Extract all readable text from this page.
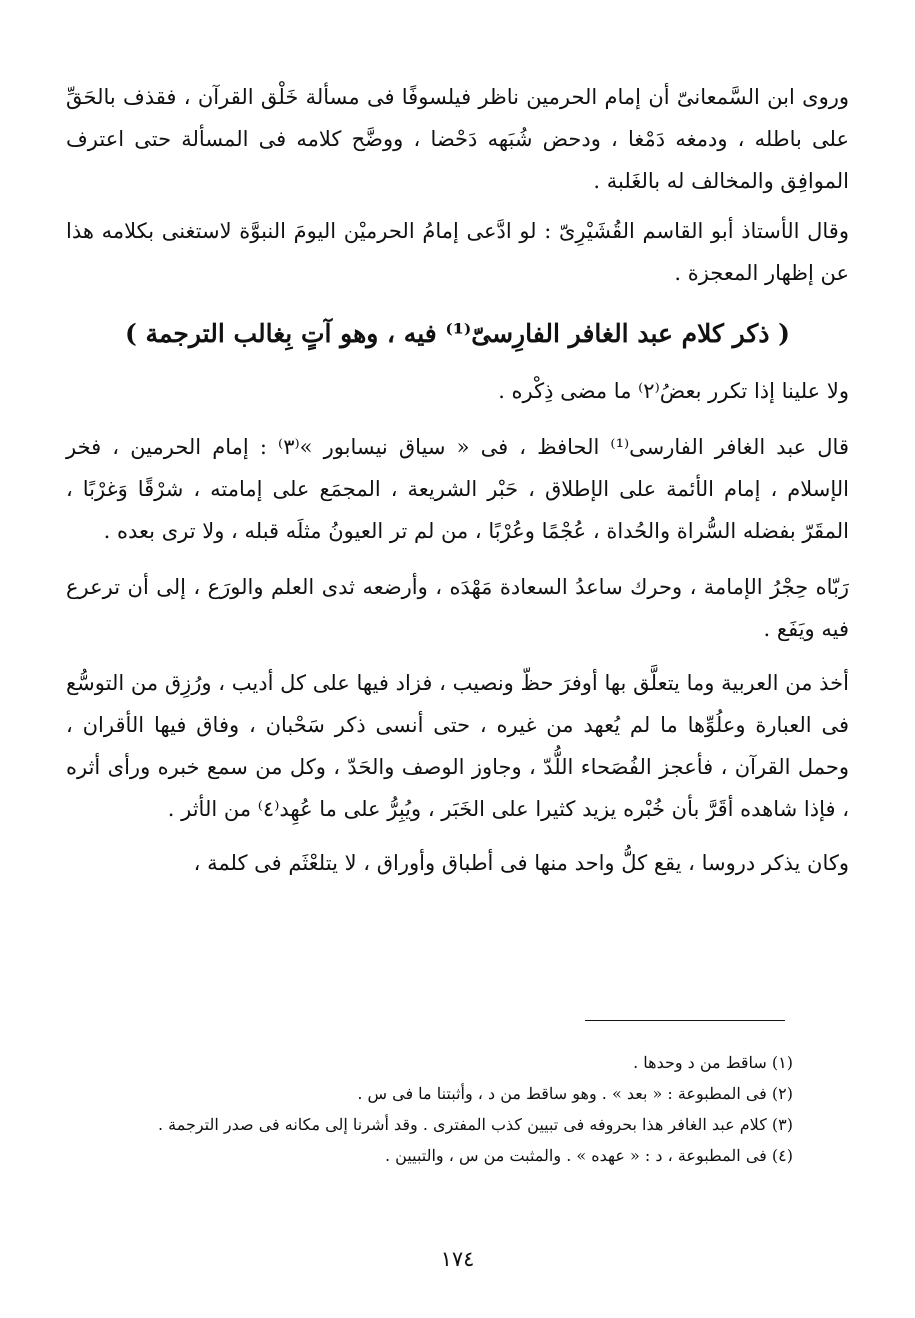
وروى ابن السَّمعانىّ أن إمام الحرمين ناظر فيلسوفًا فى مسألة خَلْق القرآن ، فقذف بالحَقِّ على باطله ، ودمغه دَمْغا ، ودحض شُبَهه دَحْضا ، ووضَّح كلامه فى المسألة حتى اعترف الموافِق والمخالف له بالغَلبة .

وقال الأستاذ أبو القاسم القُشَيْرِىّ : لو ادَّعى إمامُ الحرميْن اليومَ النبوَّة لاستغنى بكلامه هذا عن إظهار المعجزة .

( ذكر كلام عبد الغافر الفارِسىّ⁽¹⁾ فيه ، وهو آتٍ بِغالب الترجمة )

ولا علينا إذا تكرر بعضُ⁽٢⁾ ما مضى ذِكْره .

قال عبد الغافر الفارسى⁽¹⁾ الحافظ ، فى « سياق نيسابور »⁽٣⁾ : إمام الحرمين ، فخر الإسلام ، إمام الأئمة على الإطلاق ، حَبْر الشريعة ، المجمَع على إمامته ، شرْقًا وَغرْبًا ، المقَرّ بفضله السُّراة والحُداة ، عُجْمًا وعُرْبًا ، من لم تر العيونُ مثلَه قبله ، ولا ترى بعده .

رَبّاه حِجْرُ الإمامة ، وحرك ساعدُ السعادة مَهْدَه ، وأرضعه ثدى العلم والورَع ، إلى أن ترعرع فيه ويَفَع .

أخذ من العربية وما يتعلَّق بها أوفرَ حظّ ونصيب ، فزاد فيها على كل أديب ، ورُزِق من التوسُّع فى العبارة وعلُوِّها ما لم يُعهد من غيره ، حتى أنسى ذكر سَحْبان ، وفاق فيها الأقران ، وحمل القرآن ، فأعجز الفُصَحاء اللُّدّ ، وجاوز الوصف والحَدّ ، وكل من سمع خبره ورأى أثره ، فإذا شاهده أقَرَّ بأن خُبْره يزيد كثيرا على الخَبَر ، ويُبِرُّ على ما عُهِد⁽٤⁾ من الأثر .

وكان يذكر دروسا ، يقع كلُّ واحد منها فى أطباق وأوراق ، لا يتلعْثَم فى كلمة ،

(١) ساقط من د وحدها .

(٢) فى المطبوعة : « بعد » . وهو ساقط من د ، وأثبتنا ما فى س .

(٣) كلام عبد الغافر هذا بحروفه فى تبيين كذب المفترى . وقد أشرنا إلى مكانه فى صدر الترجمة .

(٤) فى المطبوعة ، د : « عهده » . والمثبت من س ، والتبيين .

١٧٤
